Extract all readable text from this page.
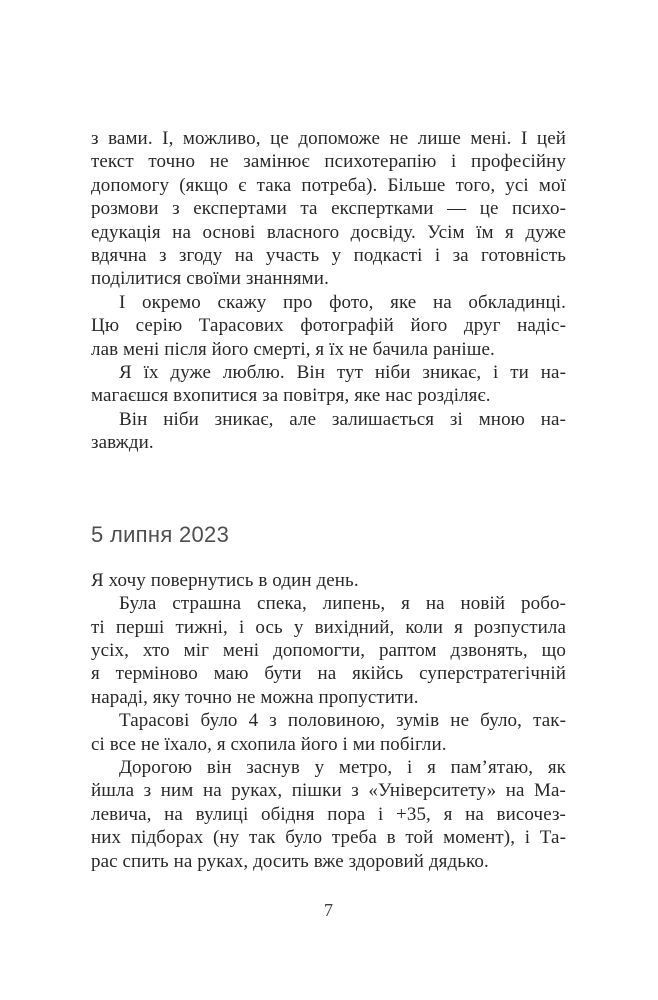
з вами. І, можливо, це допоможе не лише мені. І цей
текст точно не замінює психотерапію і професійну
допомогу (якщо є така потреба). Більше того, усі мої
розмови з експертами та експертками — це психо-
едукація на основі власного досвіду. Усім їм я дуже
вдячна з згоду на участь у подкасті і за готовність
поділитися своїми знаннями.

І окремо скажу про фото, яке на обкладинці.
Цю серію Тарасових фотографій його друг надіс-
лав мені після його смерті, я їх не бачила раніше.

Я їх дуже люблю. Він тут ніби зникає, і ти на-
магаєшся вхопитися за повітря, яке нас розділяє.

Він ніби зникає, але залишається зі мною на-
завжди.

5 липня 2023

Я хочу повернутись в один день.

Була страшна спека, липень, я на новій робо-
ті перші тижні, і ось у вихідний, коли я розпустила
усіх, хто міг мені допомогти, раптом дзвонять, що
я терміново маю бути на якійсь суперстратегічній
нараді, яку точно не можна пропустити.

Тарасові було 4 з половиною, зумів не було, так-
сі все не їхало, я схопила його і ми побігли.

Дорогою він заснув у метро, і я пам’ятаю, як
йшла з ним на руках, пішки з «Університету» на Ма-
левича, на вулиці обідня пора і +35, я на височез-
них підборах (ну так було треба в той момент), і Та-
рас спить на руках, досить вже здоровий дядько.

7
